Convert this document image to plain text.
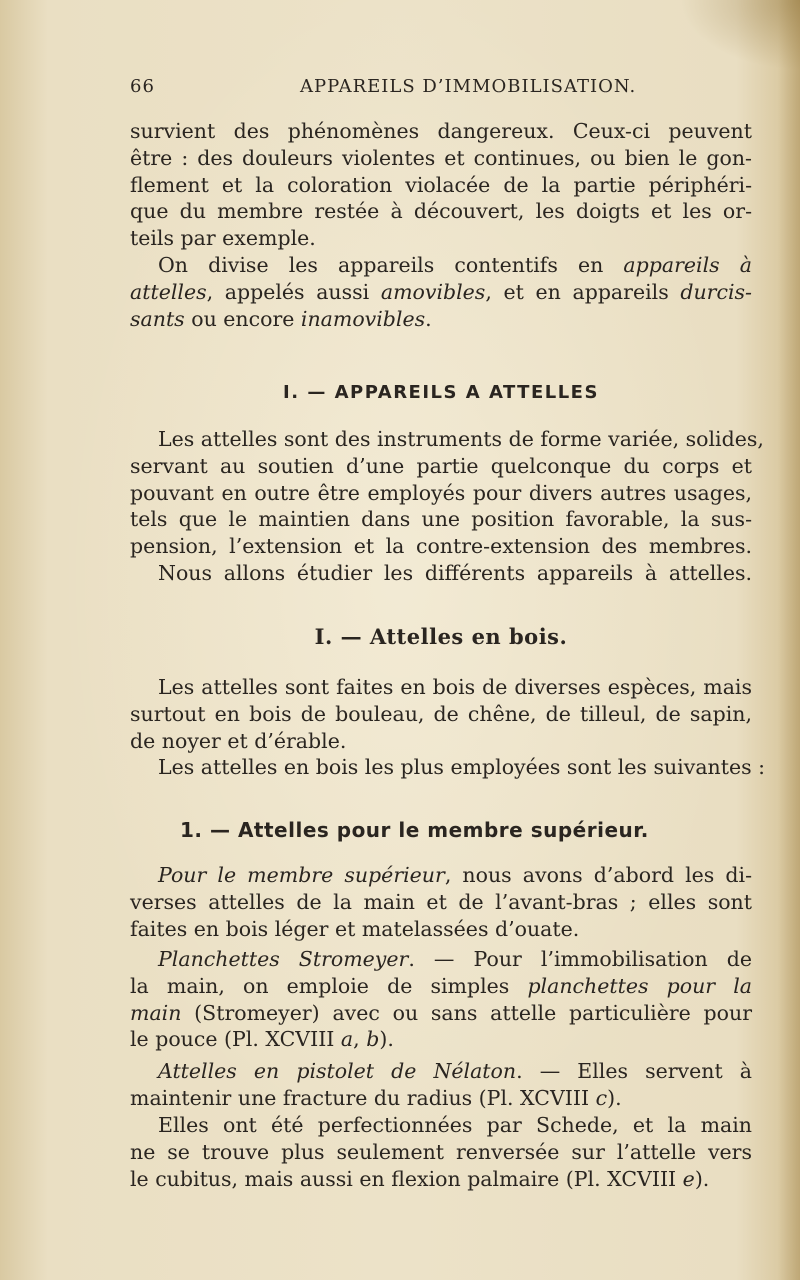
66	APPAREILS D’IMMOBILISATION.
survient des phénomènes dangereux. Ceux-ci peuvent
être : des douleurs violentes et continues, ou bien le gon-
flement et la coloration violacée de la partie périphéri-
que du membre restée à découvert, les doigts et les or-
teils par exemple.
On divise les appareils contentifs en appareils à
attelles, appelés aussi amovibles, et en appareils durcis-
sants ou encore inamovibles.
I. — APPAREILS A ATTELLES
Les attelles sont des instruments de forme variée, solides,
servant au soutien d’une partie quelconque du corps et
pouvant en outre être employés pour divers autres usages,
tels que le maintien dans une position favorable, la sus-
pension, l’extension et la contre-extension des membres.
Nous allons étudier les différents appareils à attelles.
I. — Attelles en bois.
Les attelles sont faites en bois de diverses espèces, mais
surtout en bois de bouleau, de chêne, de tilleul, de sapin,
de noyer et d’érable.
Les attelles en bois les plus employées sont les suivantes :
1. — Attelles pour le membre supérieur.
Pour le membre supérieur, nous avons d’abord les di-
verses attelles de la main et de l’avant-bras ; elles sont
faites en bois léger et matelassées d’ouate.
Planchettes Stromeyer. — Pour l’immobilisation de
la main, on emploie de simples planchettes pour la
main (Stromeyer) avec ou sans attelle particulière pour
le pouce (Pl. XCVIII a, b).
Attelles en pistolet de Nélaton. — Elles servent à
maintenir une fracture du radius (Pl. XCVIII c).
Elles ont été perfectionnées par Schede, et la main
ne se trouve plus seulement renversée sur l’attelle vers
le cubitus, mais aussi en flexion palmaire (Pl. XCVIII e).
